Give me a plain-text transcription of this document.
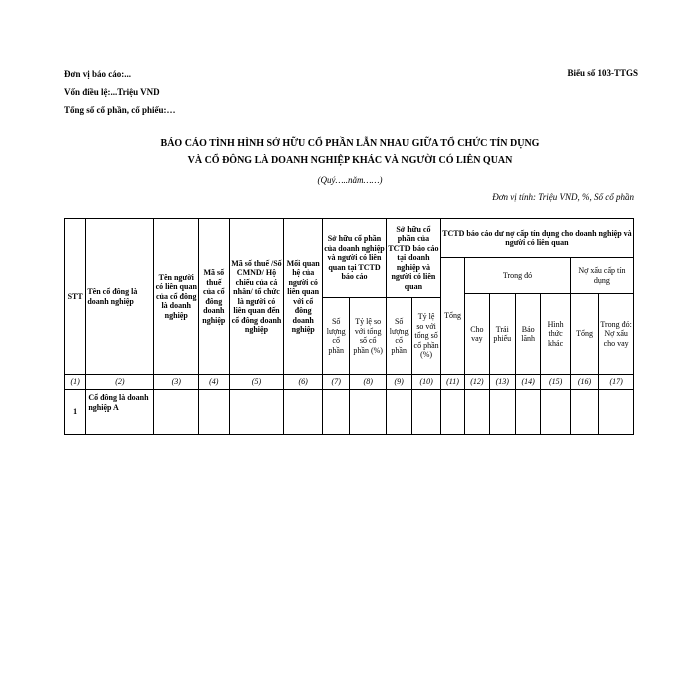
Đơn vị báo cáo:...
Vốn điều lệ:...Triệu VND
Tổng số cổ phần, cổ phiếu:…
Biểu số 103-TTGS
BÁO CÁO TÌNH HÌNH SỞ HỮU CỔ PHẦN LẪN NHAU GIỮA TỔ CHỨC TÍN DỤNG
VÀ CỔ ĐÔNG LÀ DOANH NGHIỆP KHÁC VÀ NGƯỜI CÓ LIÊN QUAN
(Quý…..năm……)
Đơn vị tính: Triệu VND, %, Số cổ phần
STT	Tên cổ đông là doanh nghiệp	Tên người có liên quan của cổ đông là doanh nghiệp	Mã số thuế của cổ đông doanh nghiệp	Mã số thuế /Số CMND/ Hộ chiếu của cá nhân/ tổ chức là người có liên quan đến cổ đông doanh nghiệp	Mối quan hệ của người có liên quan với cổ đông doanh nghiệp	Sở hữu cổ phần của doanh nghiệp và người có liên quan tại TCTD báo cáo		Sở hữu cổ phần của TCTD báo cáo tại doanh nghiệp và người có liên quan		TCTD báo cáo dư nợ cấp tín dụng cho doanh nghiệp và người có liên quan						
										Tổng	Trong đó				Nợ xấu cấp tín dụng	
											Cho vay	Trái phiếu	Bảo lãnh	Hình thức khác	Tổng	Trong đó: Nợ xấu cho vay
						Số lượng cổ phần	Tỷ lệ so với tổng số cổ phần (%)	Số lượng cổ phần	Tỷ lệ so với tổng số cổ phần (%)							
(1)	(2)	(3)	(4)	(5)	(6)	(7)	(8)	(9)	(10)	(11)	(12)	(13)	(14)	(15)	(16)	(17)
1	Cổ đông là doanh nghiệp A															
